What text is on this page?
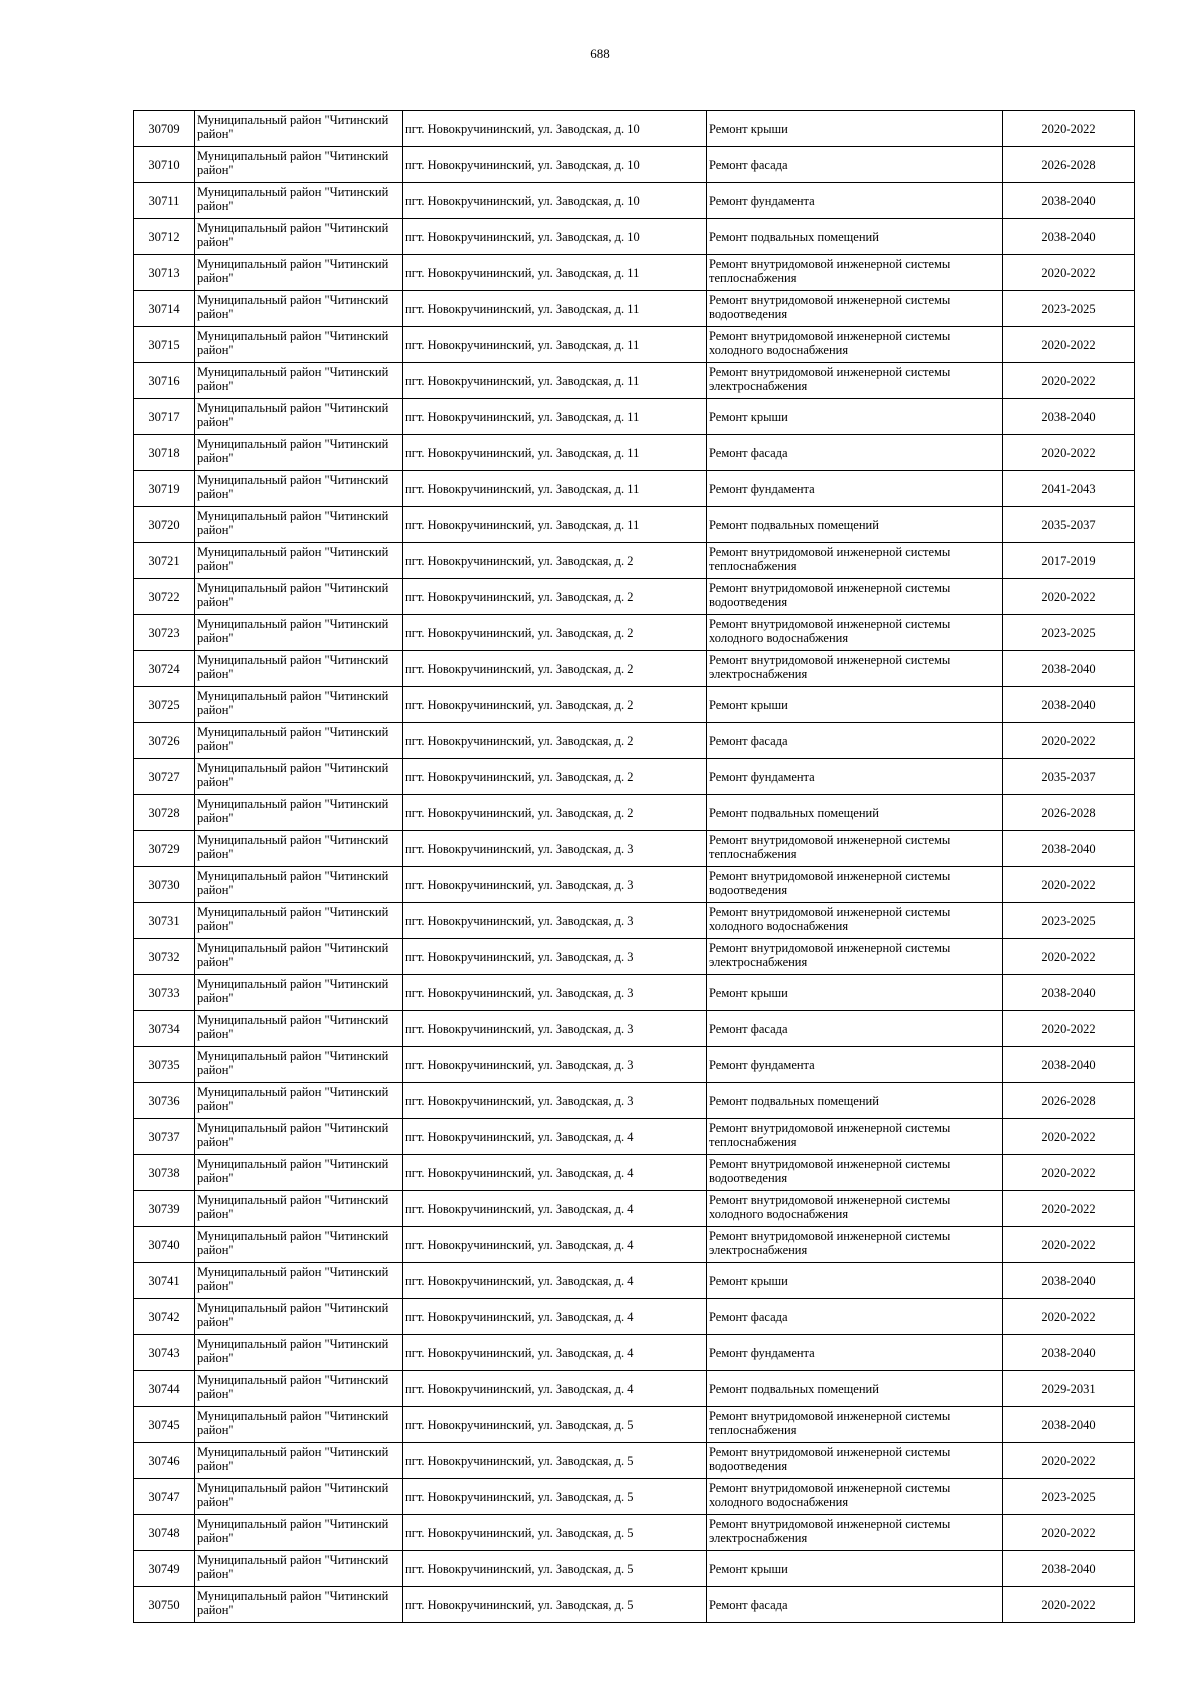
688
30709	Муниципальный район "Читинский район"	пгт. Новокручининский, ул. Заводская, д. 10	Ремонт крыши	2020-2022
30710	Муниципальный район "Читинский район"	пгт. Новокручининский, ул. Заводская, д. 10	Ремонт фасада	2026-2028
30711	Муниципальный район "Читинский район"	пгт. Новокручининский, ул. Заводская, д. 10	Ремонт фундамента	2038-2040
30712	Муниципальный район "Читинский район"	пгт. Новокручининский, ул. Заводская, д. 10	Ремонт подвальных помещений	2038-2040
30713	Муниципальный район "Читинский район"	пгт. Новокручининский, ул. Заводская, д. 11	Ремонт внутридомовой инженерной системы теплоснабжения	2020-2022
30714	Муниципальный район "Читинский район"	пгт. Новокручининский, ул. Заводская, д. 11	Ремонт внутридомовой инженерной системы водоотведения	2023-2025
30715	Муниципальный район "Читинский район"	пгт. Новокручининский, ул. Заводская, д. 11	Ремонт внутридомовой инженерной системы холодного водоснабжения	2020-2022
30716	Муниципальный район "Читинский район"	пгт. Новокручининский, ул. Заводская, д. 11	Ремонт внутридомовой инженерной системы электроснабжения	2020-2022
30717	Муниципальный район "Читинский район"	пгт. Новокручининский, ул. Заводская, д. 11	Ремонт крыши	2038-2040
30718	Муниципальный район "Читинский район"	пгт. Новокручининский, ул. Заводская, д. 11	Ремонт фасада	2020-2022
30719	Муниципальный район "Читинский район"	пгт. Новокручининский, ул. Заводская, д. 11	Ремонт фундамента	2041-2043
30720	Муниципальный район "Читинский район"	пгт. Новокручининский, ул. Заводская, д. 11	Ремонт подвальных помещений	2035-2037
30721	Муниципальный район "Читинский район"	пгт. Новокручининский, ул. Заводская, д. 2	Ремонт внутридомовой инженерной системы теплоснабжения	2017-2019
30722	Муниципальный район "Читинский район"	пгт. Новокручининский, ул. Заводская, д. 2	Ремонт внутридомовой инженерной системы водоотведения	2020-2022
30723	Муниципальный район "Читинский район"	пгт. Новокручининский, ул. Заводская, д. 2	Ремонт внутридомовой инженерной системы холодного водоснабжения	2023-2025
30724	Муниципальный район "Читинский район"	пгт. Новокручининский, ул. Заводская, д. 2	Ремонт внутридомовой инженерной системы электроснабжения	2038-2040
30725	Муниципальный район "Читинский район"	пгт. Новокручининский, ул. Заводская, д. 2	Ремонт крыши	2038-2040
30726	Муниципальный район "Читинский район"	пгт. Новокручининский, ул. Заводская, д. 2	Ремонт фасада	2020-2022
30727	Муниципальный район "Читинский район"	пгт. Новокручининский, ул. Заводская, д. 2	Ремонт фундамента	2035-2037
30728	Муниципальный район "Читинский район"	пгт. Новокручининский, ул. Заводская, д. 2	Ремонт подвальных помещений	2026-2028
30729	Муниципальный район "Читинский район"	пгт. Новокручининский, ул. Заводская, д. 3	Ремонт внутридомовой инженерной системы теплоснабжения	2038-2040
30730	Муниципальный район "Читинский район"	пгт. Новокручининский, ул. Заводская, д. 3	Ремонт внутридомовой инженерной системы водоотведения	2020-2022
30731	Муниципальный район "Читинский район"	пгт. Новокручининский, ул. Заводская, д. 3	Ремонт внутридомовой инженерной системы холодного водоснабжения	2023-2025
30732	Муниципальный район "Читинский район"	пгт. Новокручининский, ул. Заводская, д. 3	Ремонт внутридомовой инженерной системы электроснабжения	2020-2022
30733	Муниципальный район "Читинский район"	пгт. Новокручининский, ул. Заводская, д. 3	Ремонт крыши	2038-2040
30734	Муниципальный район "Читинский район"	пгт. Новокручининский, ул. Заводская, д. 3	Ремонт фасада	2020-2022
30735	Муниципальный район "Читинский район"	пгт. Новокручининский, ул. Заводская, д. 3	Ремонт фундамента	2038-2040
30736	Муниципальный район "Читинский район"	пгт. Новокручининский, ул. Заводская, д. 3	Ремонт подвальных помещений	2026-2028
30737	Муниципальный район "Читинский район"	пгт. Новокручининский, ул. Заводская, д. 4	Ремонт внутридомовой инженерной системы теплоснабжения	2020-2022
30738	Муниципальный район "Читинский район"	пгт. Новокручининский, ул. Заводская, д. 4	Ремонт внутридомовой инженерной системы водоотведения	2020-2022
30739	Муниципальный район "Читинский район"	пгт. Новокручининский, ул. Заводская, д. 4	Ремонт внутридомовой инженерной системы холодного водоснабжения	2020-2022
30740	Муниципальный район "Читинский район"	пгт. Новокручининский, ул. Заводская, д. 4	Ремонт внутридомовой инженерной системы электроснабжения	2020-2022
30741	Муниципальный район "Читинский район"	пгт. Новокручининский, ул. Заводская, д. 4	Ремонт крыши	2038-2040
30742	Муниципальный район "Читинский район"	пгт. Новокручининский, ул. Заводская, д. 4	Ремонт фасада	2020-2022
30743	Муниципальный район "Читинский район"	пгт. Новокручининский, ул. Заводская, д. 4	Ремонт фундамента	2038-2040
30744	Муниципальный район "Читинский район"	пгт. Новокручининский, ул. Заводская, д. 4	Ремонт подвальных помещений	2029-2031
30745	Муниципальный район "Читинский район"	пгт. Новокручининский, ул. Заводская, д. 5	Ремонт внутридомовой инженерной системы теплоснабжения	2038-2040
30746	Муниципальный район "Читинский район"	пгт. Новокручининский, ул. Заводская, д. 5	Ремонт внутридомовой инженерной системы водоотведения	2020-2022
30747	Муниципальный район "Читинский район"	пгт. Новокручининский, ул. Заводская, д. 5	Ремонт внутридомовой инженерной системы холодного водоснабжения	2023-2025
30748	Муниципальный район "Читинский район"	пгт. Новокручининский, ул. Заводская, д. 5	Ремонт внутридомовой инженерной системы электроснабжения	2020-2022
30749	Муниципальный район "Читинский район"	пгт. Новокручининский, ул. Заводская, д. 5	Ремонт крыши	2038-2040
30750	Муниципальный район "Читинский район"	пгт. Новокручининский, ул. Заводская, д. 5	Ремонт фасада	2020-2022
